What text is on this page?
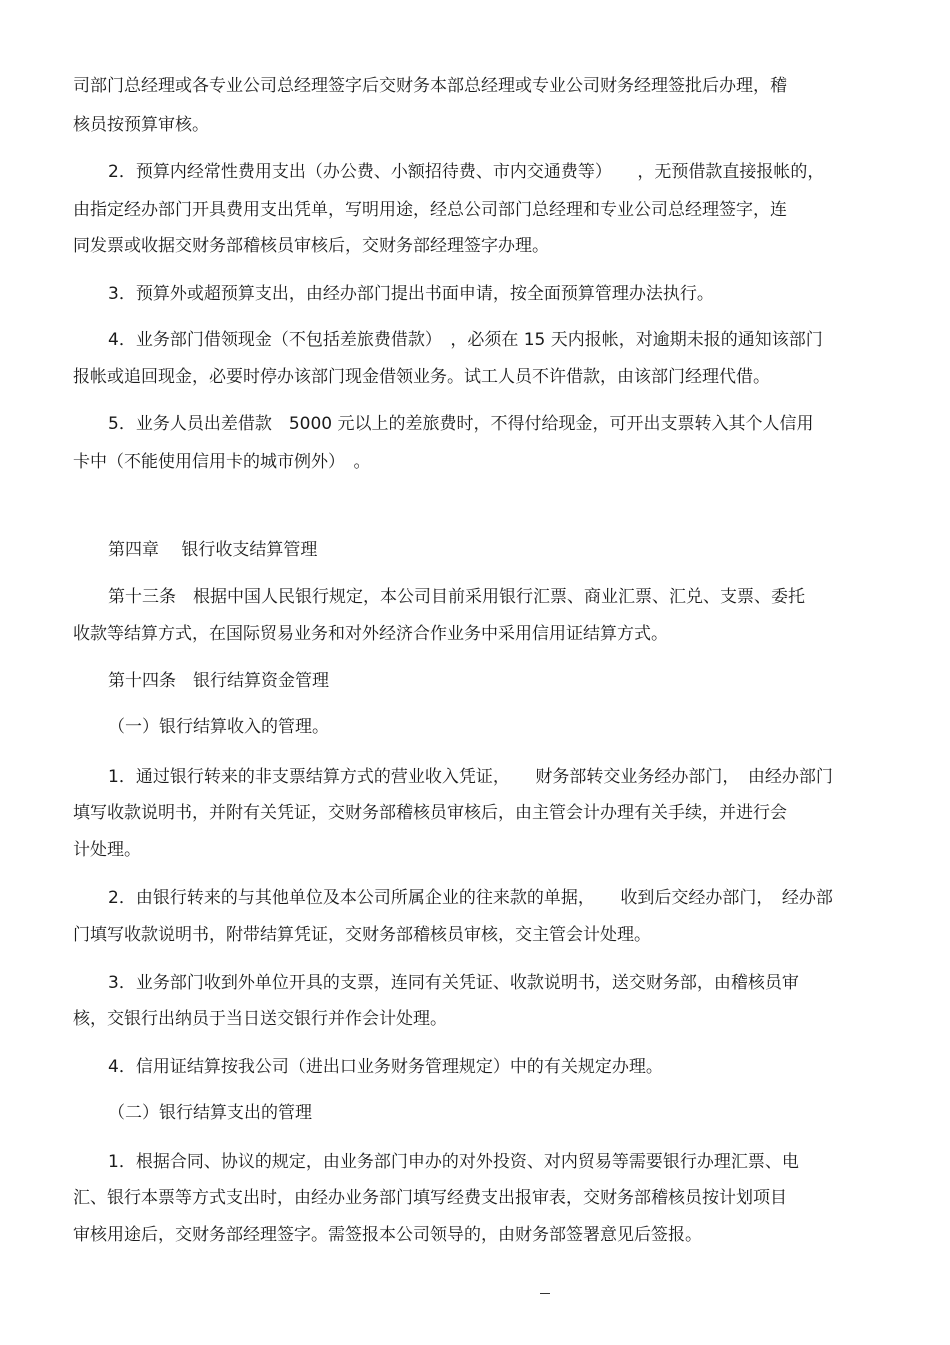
司部门总经理或各专业公司总经理签字后交财务本部总经理或专业公司财务经理签批后办理，稽

核员按预算审核。

2．预算内经常性费用支出（办公费、小额招待费、市内交通费等）　　，无预借款直接报帐的，

由指定经办部门开具费用支出凭单，写明用途，经总公司部门总经理和专业公司总经理签字，连

同发票或收据交财务部稽核员审核后，交财务部经理签字办理。

3．预算外或超预算支出，由经办部门提出书面申请，按全面预算管理办法执行。

4．业务部门借领现金（不包括差旅费借款）　，必须在 15 天内报帐，对逾期未报的通知该部门

报帐或追回现金，必要时停办该部门现金借领业务。试工人员不许借款，由该部门经理代借。

5．业务人员出差借款　5000 元以上的差旅费时，不得付给现金，可开出支票转入其个人信用

卡中（不能使用信用卡的城市例外）　。

第四章　 银行收支结算管理

第十三条　根据中国人民银行规定，本公司目前采用银行汇票、商业汇票、汇兑、支票、委托

收款等结算方式，在国际贸易业务和对外经济合作业务中采用信用证结算方式。

第十四条　银行结算资金管理

（一）银行结算收入的管理。

1．通过银行转来的非支票结算方式的营业收入凭证，　　财务部转交业务经办部门，　由经办部门

填写收款说明书，并附有关凭证，交财务部稽核员审核后，由主管会计办理有关手续，并进行会

计处理。

2．由银行转来的与其他单位及本公司所属企业的往来款的单据，　　收到后交经办部门，　经办部

门填写收款说明书，附带结算凭证，交财务部稽核员审核，交主管会计处理。

3．业务部门收到外单位开具的支票，连同有关凭证、收款说明书，送交财务部，由稽核员审

核，交银行出纳员于当日送交银行并作会计处理。

4．信用证结算按我公司（进出口业务财务管理规定）中的有关规定办理。

（二）银行结算支出的管理

1．根据合同、协议的规定，由业务部门申办的对外投资、对内贸易等需要银行办理汇票、电

汇、银行本票等方式支出时，由经办业务部门填写经费支出报审表，交财务部稽核员按计划项目

审核用途后，交财务部经理签字。需签报本公司领导的，由财务部签署意见后签报。
